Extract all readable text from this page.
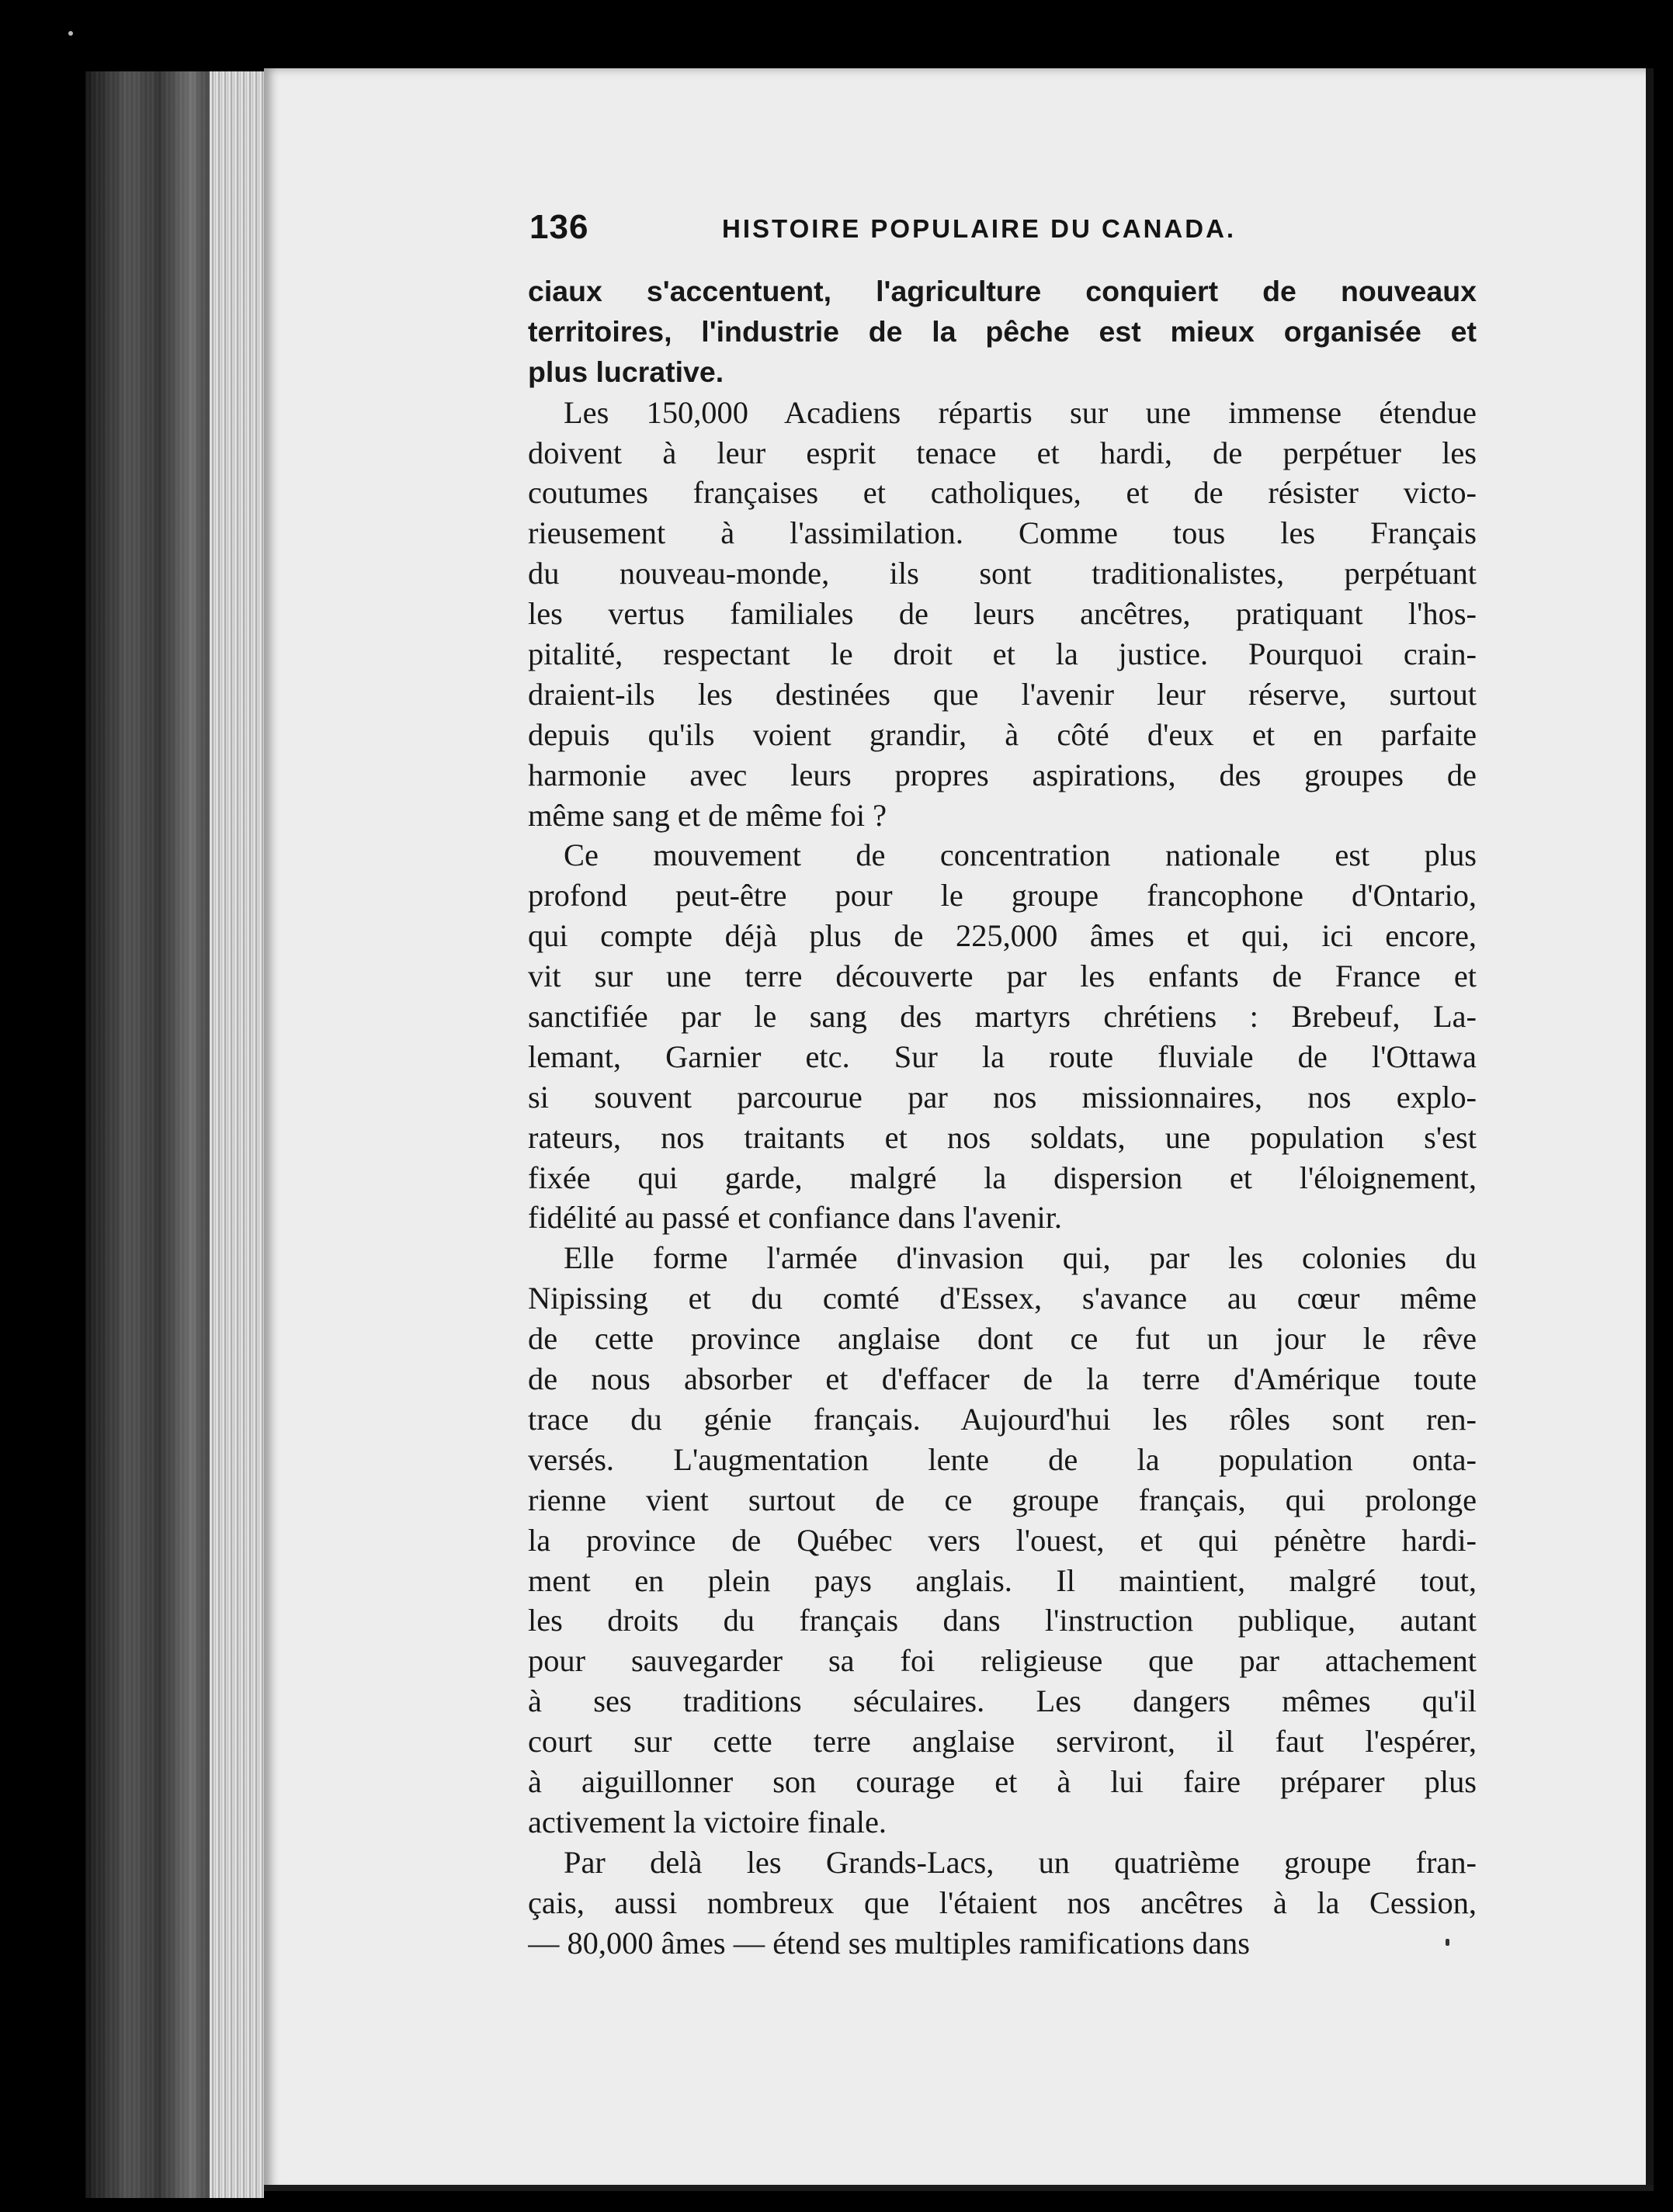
136	HISTOIRE POPULAIRE DU CANADA.
ciaux s'accentuent, l'agriculture conquiert de nouveaux
territoires, l'industrie de la pêche est mieux organisée et
plus lucrative.
Les 150,000 Acadiens répartis sur une immense étendue
doivent à leur esprit tenace et hardi, de perpétuer les
coutumes françaises et catholiques, et de résister victo-
rieusement à l'assimilation. Comme tous les Français
du nouveau-monde, ils sont traditionalistes, perpétuant
les vertus familiales de leurs ancêtres, pratiquant l'hos-
pitalité, respectant le droit et la justice. Pourquoi crain-
draient-ils les destinées que l'avenir leur réserve, surtout
depuis qu'ils voient grandir, à côté d'eux et en parfaite
harmonie avec leurs propres aspirations, des groupes de
même sang et de même foi ?
Ce mouvement de concentration nationale est plus
profond peut-être pour le groupe francophone d'Ontario,
qui compte déjà plus de 225,000 âmes et qui, ici encore,
vit sur une terre découverte par les enfants de France et
sanctifiée par le sang des martyrs chrétiens : Brebeuf, La-
lemant, Garnier etc. Sur la route fluviale de l'Ottawa
si souvent parcourue par nos missionnaires, nos explo-
rateurs, nos traitants et nos soldats, une population s'est
fixée qui garde, malgré la dispersion et l'éloignement,
fidélité au passé et confiance dans l'avenir.
Elle forme l'armée d'invasion qui, par les colonies du
Nipissing et du comté d'Essex, s'avance au cœur même
de cette province anglaise dont ce fut un jour le rêve
de nous absorber et d'effacer de la terre d'Amérique toute
trace du génie français. Aujourd'hui les rôles sont ren-
versés. L'augmentation lente de la population onta-
rienne vient surtout de ce groupe français, qui prolonge
la province de Québec vers l'ouest, et qui pénètre hardi-
ment en plein pays anglais. Il maintient, malgré tout,
les droits du français dans l'instruction publique, autant
pour sauvegarder sa foi religieuse que par attachement
à ses traditions séculaires. Les dangers mêmes qu'il
court sur cette terre anglaise serviront, il faut l'espérer,
à aiguillonner son courage et à lui faire préparer plus
activement la victoire finale.
Par delà les Grands-Lacs, un quatrième groupe fran-
çais, aussi nombreux que l'étaient nos ancêtres à la Cession,
— 80,000 âmes — étend ses multiples ramifications dans
